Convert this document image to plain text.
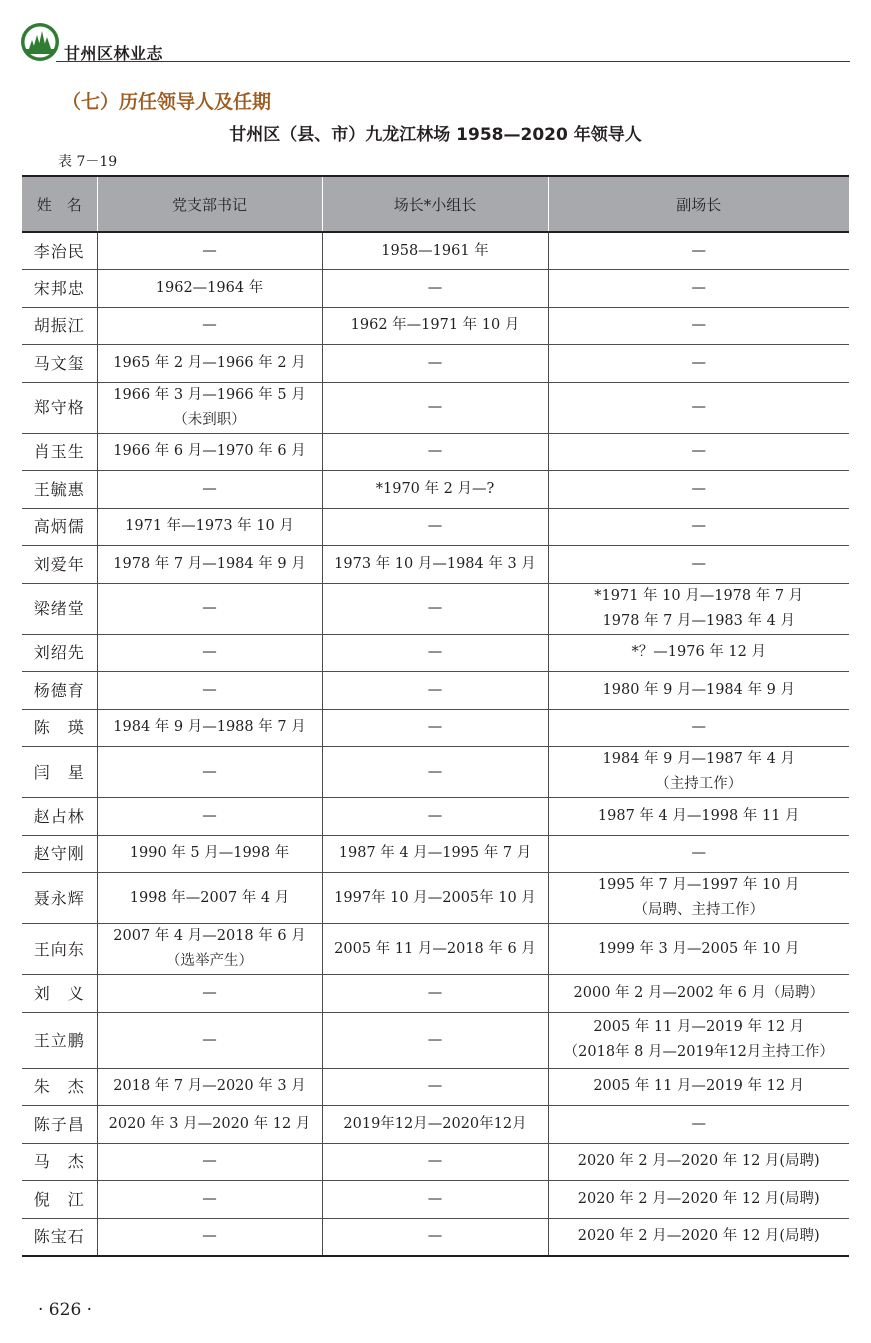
甘州区林业志
（七）历任领导人及任期
甘州区（县、市）九龙江林场 1958—2020 年领导人
表 7－19
姓　名	党支部书记	场长*小组长	副场长
李治民	—	1958—1961 年	—

宋邦忠	1962—1964 年	—	—

胡振江	—	1962 年—1971 年 10 月	—

马文玺	1965 年 2 月—1966 年 2 月	—	—

郑守格	1966 年 3 月—1966 年 5 月
（未到职）	—	—

肖玉生	1966 年 6 月—1970 年 6 月	—	—

王毓惠	—	*1970 年 2 月—?	—

高炳儒	1971 年—1973 年 10 月	—	—

刘爱年	1978 年 7 月—1984 年 9 月	1973 年 10 月—1984 年 3 月	—

梁绪堂	—	—	*1971 年 10 月—1978 年 7 月
1978 年 7 月—1983 年 4 月

刘绍先	—	—	*？—1976 年 12 月

杨德育	—	—	1980 年 9 月—1984 年 9 月

陈　瑛	1984 年 9 月—1988 年 7 月	—	—

闫　星	—	—	1984 年 9 月—1987 年 4 月
（主持工作）

赵占林	—	—	1987 年 4 月—1998 年 11 月

赵守刚	1990 年 5 月—1998 年	1987 年 4 月—1995 年 7 月	—

聂永辉	1998 年—2007 年 4 月	1997年 10 月—2005年 10 月	1995 年 7 月—1997 年 10 月
（局聘、主持工作）

王向东	2007 年 4 月—2018 年 6 月
（选举产生）	2005 年 11 月—2018 年 6 月	1999 年 3 月—2005 年 10 月

刘　义	—	—	2000 年 2 月—2002 年 6 月（局聘）

王立鹏	—	—	2005 年 11 月—2019 年 12 月
（2018年 8 月—2019年12月主持工作）

朱　杰	2018 年 7 月—2020 年 3 月	—	2005 年 11 月—2019 年 12 月

陈子昌	2020 年 3 月—2020 年 12 月	2019年12月—2020年12月	—

马　杰	—	—	2020 年 2 月—2020 年 12 月(局聘)

倪　江	—	—	2020 年 2 月—2020 年 12 月(局聘)

陈宝石	—	—	2020 年 2 月—2020 年 12 月(局聘)
· 626 ·
